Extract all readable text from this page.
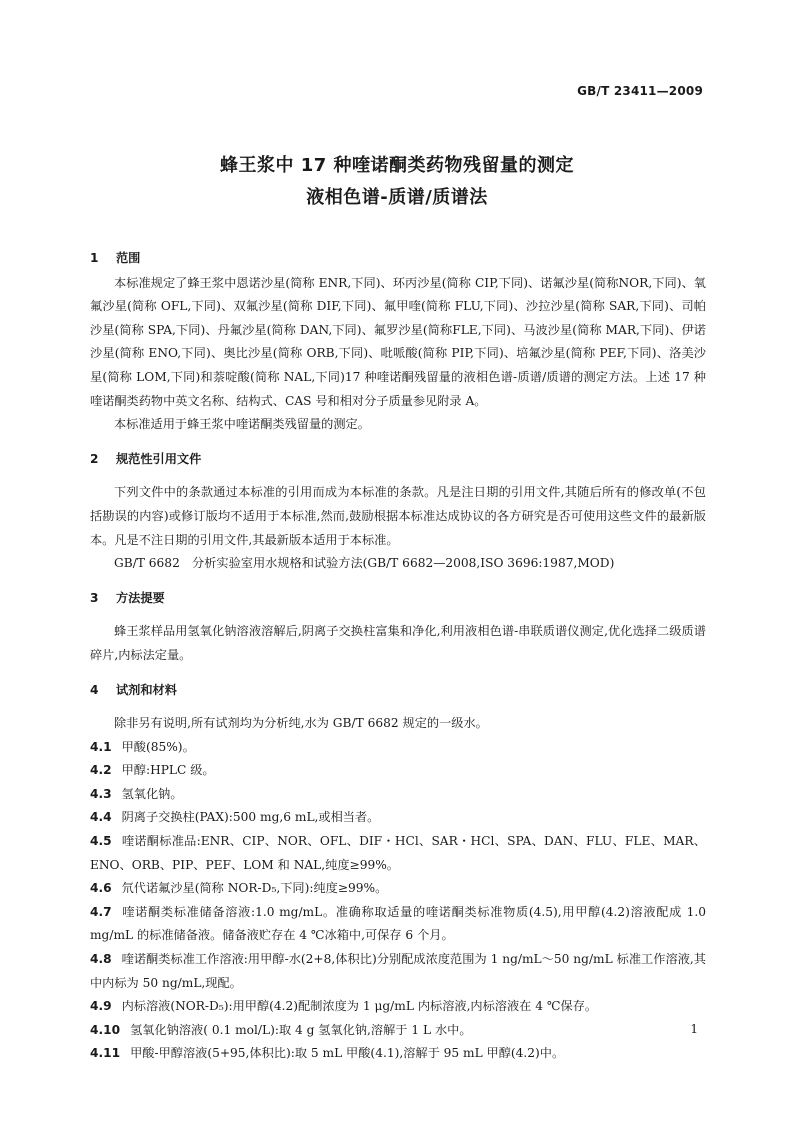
GB/T 23411—2009
蜂王浆中 17 种喹诺酮类药物残留量的测定
液相色谱-质谱/质谱法
1 范围

本标准规定了蜂王浆中恩诺沙星(简称 ENR,下同)、环丙沙星(简称 CIP,下同)、诺氟沙星(简称NOR,下同)、氧氟沙星(简称 OFL,下同)、双氟沙星(简称 DIF,下同)、氟甲喹(简称 FLU,下同)、沙拉沙星(简称 SAR,下同)、司帕沙星(简称 SPA,下同)、丹氟沙星(简称 DAN,下同)、氟罗沙星(简称FLE,下同)、马波沙星(简称 MAR,下同)、伊诺沙星(简称 ENO,下同)、奥比沙星(简称 ORB,下同)、吡哌酸(简称 PIP,下同)、培氟沙星(简称 PEF,下同)、洛美沙星(简称 LOM,下同)和萘啶酸(简称 NAL,下同)17 种喹诺酮残留量的液相色谱-质谱/质谱的测定方法。上述 17 种喹诺酮类药物中英文名称、结构式、CAS 号和相对分子质量参见附录 A。

本标准适用于蜂王浆中喹诺酮类残留量的测定。

2 规范性引用文件

下列文件中的条款通过本标准的引用而成为本标准的条款。凡是注日期的引用文件,其随后所有的修改单(不包括勘误的内容)或修订版均不适用于本标准,然而,鼓励根据本标准达成协议的各方研究是否可使用这些文件的最新版本。凡是不注日期的引用文件,其最新版本适用于本标准。

GB/T 6682　分析实验室用水规格和试验方法(GB/T 6682—2008,ISO 3696:1987,MOD)

3 方法提要

蜂王浆样品用氢氧化钠溶液溶解后,阴离子交换柱富集和净化,利用液相色谱-串联质谱仪测定,优化选择二级质谱碎片,内标法定量。

4 试剂和材料

除非另有说明,所有试剂均为分析纯,水为 GB/T 6682 规定的一级水。

4.1 甲酸(85%)。
4.2 甲醇:HPLC 级。
4.3 氢氧化钠。
4.4 阴离子交换柱(PAX):500 mg,6 mL,或相当者。
4.5 喹诺酮标准品:ENR、CIP、NOR、OFL、DIF・HCl、SAR・HCl、SPA、DAN、FLU、FLE、MAR、ENO、ORB、PIP、PEF、LOM 和 NAL,纯度≥99%。
4.6 氘代诺氟沙星(简称 NOR-D₅,下同):纯度≥99%。
4.7 喹诺酮类标准储备溶液:1.0 mg/mL。准确称取适量的喹诺酮类标准物质(4.5),用甲醇(4.2)溶液配成 1.0 mg/mL 的标准储备液。储备液贮存在 4 ℃冰箱中,可保存 6 个月。
4.8 喹诺酮类标准工作溶液:用甲醇-水(2+8,体积比)分别配成浓度范围为 1 ng/mL～50 ng/mL 标准工作溶液,其中内标为 50 ng/mL,现配。
4.9 内标溶液(NOR-D₅):用甲醇(4.2)配制浓度为 1 μg/mL 内标溶液,内标溶液在 4 ℃保存。
4.10 氢氧化钠溶液( 0.1 mol/L):取 4 g 氢氧化钠,溶解于 1 L 水中。
4.11 甲酸-甲醇溶液(5+95,体积比):取 5 mL 甲酸(4.1),溶解于 95 mL 甲醇(4.2)中。
1
